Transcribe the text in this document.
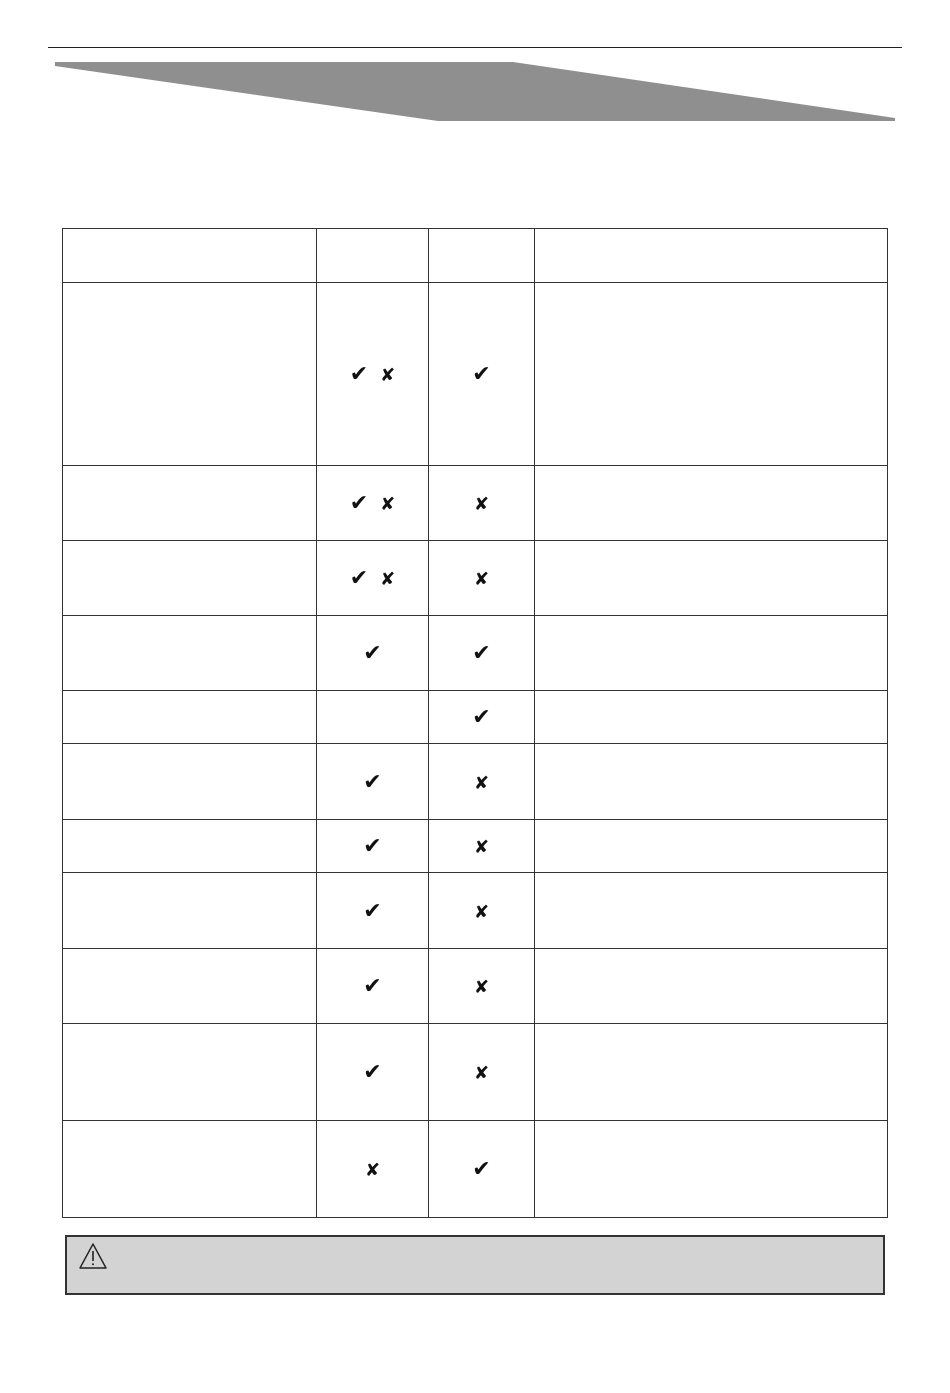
	✔ ✘	✔	
	✔ ✘	✘	
	✔ ✘	✘	
	✔	✔	
		✔	
	✔	✘	
	✔	✘	
	✔	✘	
	✔	✘	
	✔	✘	
	✘	✔	
